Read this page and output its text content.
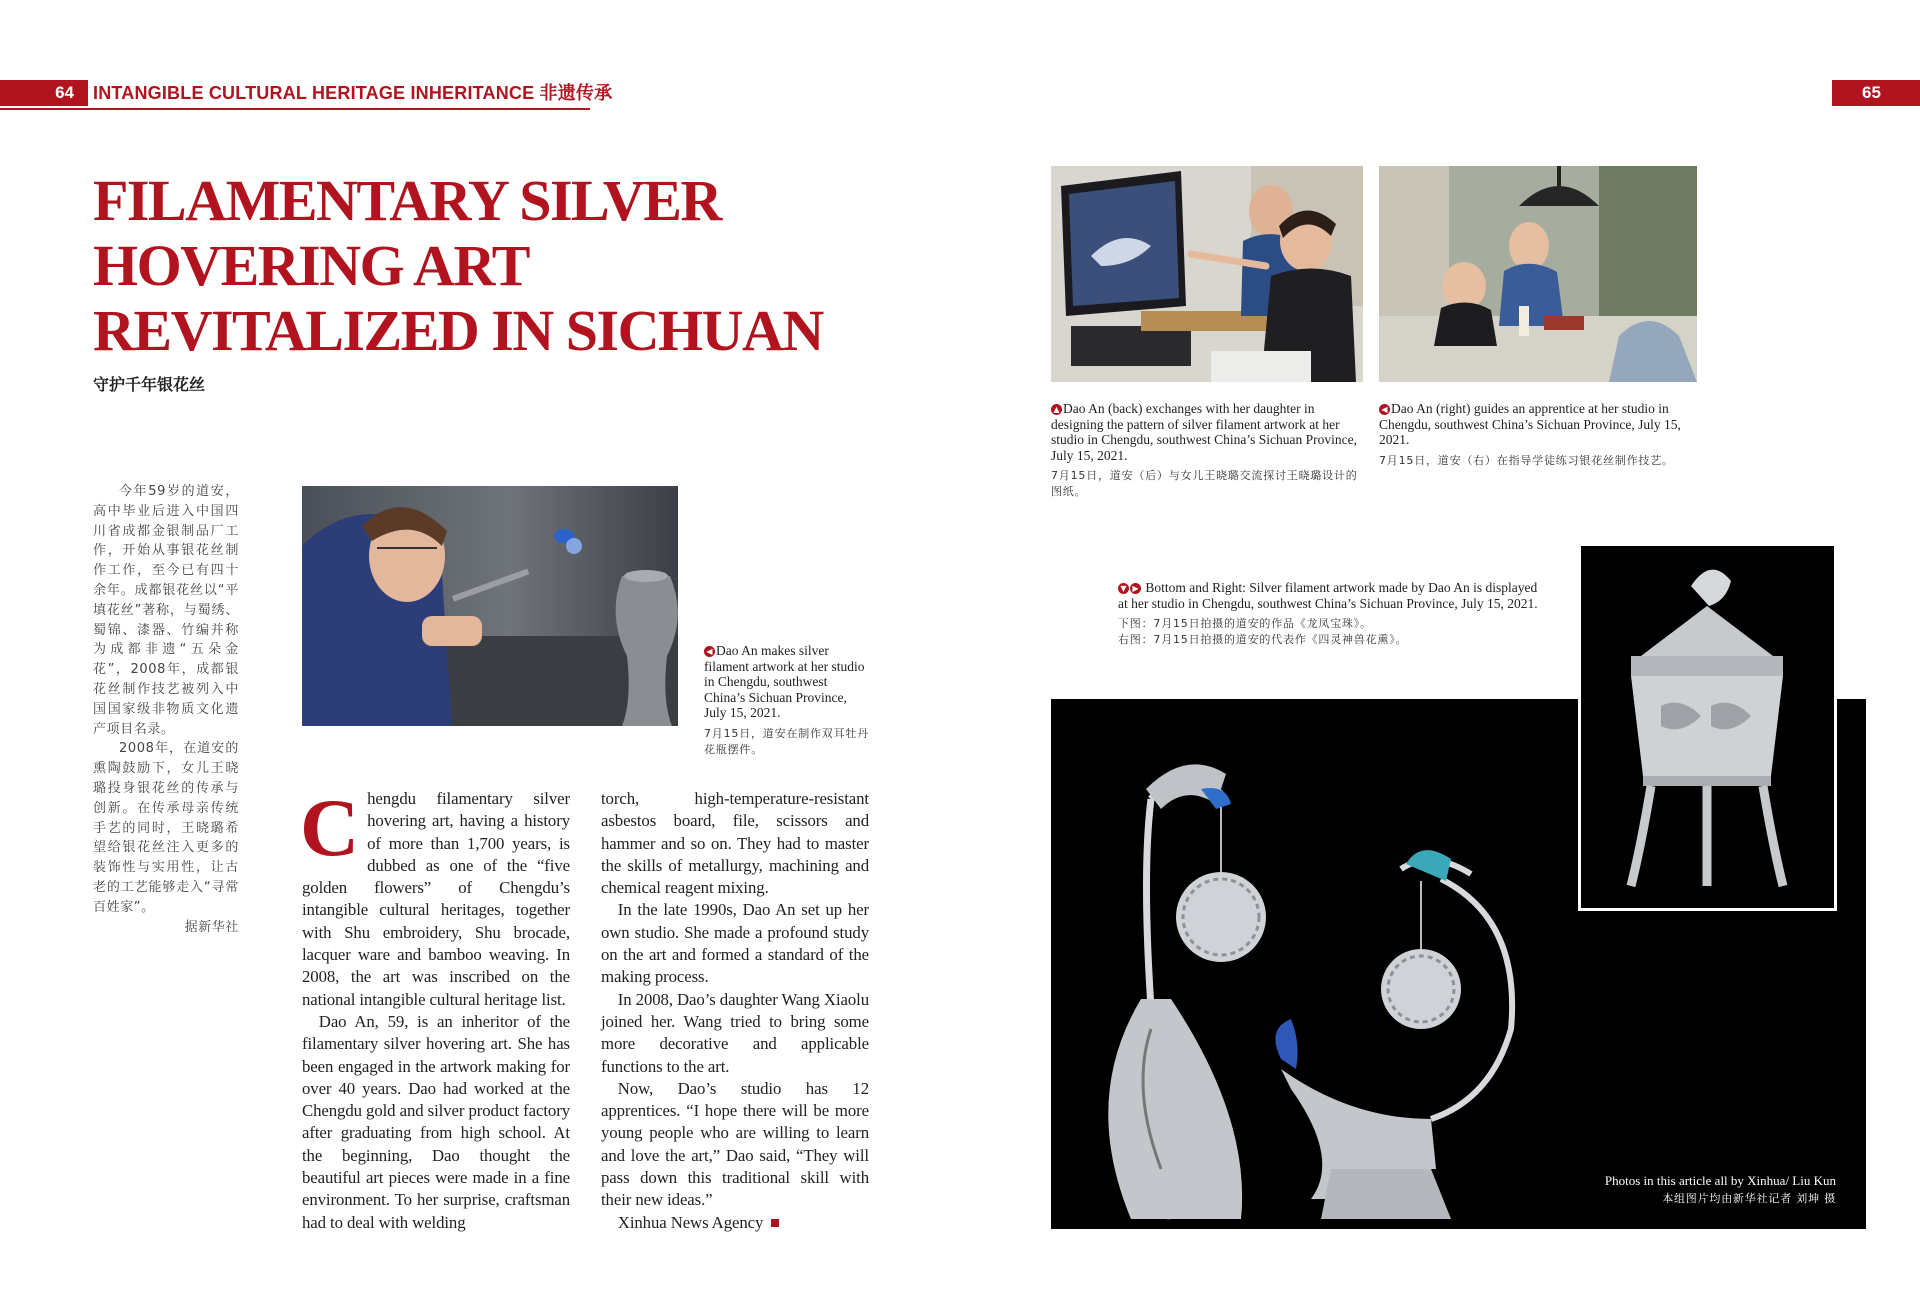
64	INTANGIBLE CULTURAL HERITAGE INHERITANCE 非遗传承	65
FILAMENTARY SILVER
HOVERING ART
REVITALIZED IN SICHUAN
守护千年银花丝

今年59岁的道安，高中毕业后进入中国四川省成都金银制品厂工作，开始从事银花丝制作工作，至今已有四十余年。成都银花丝以“平填花丝”著称，与蜀绣、蜀锦、漆器、竹编并称为成都非遗“五朵金花”，2008年，成都银花丝制作技艺被列入中国国家级非物质文化遗产项目名录。

2008年，在道安的熏陶鼓励下，女儿王晓璐投身银花丝的传承与创新。在传承母亲传统手艺的同时，王晓璐希望给银花丝注入更多的装饰性与实用性，让古老的工艺能够走入“寻常百姓家”。

据新华社

◀ Dao An makes silver filament artwork at her studio in Chengdu, southwest China’s Sichuan Province, July 15, 2021.
7月15日，道安在制作双耳牡丹花瓶摆件。
▲ Dao An (back) exchanges with her daughter in designing the pattern of silver filament artwork at her studio in Chengdu, southwest China’s Sichuan Province, July 15, 2021.
7月15日，道安（后）与女儿王晓璐交流探讨王晓璐设计的图纸。
◀ Dao An (right) guides an apprentice at her studio in Chengdu, southwest China’s Sichuan Province, July 15, 2021.
7月15日，道安（右）在指导学徒练习银花丝制作技艺。
▼ ▶ Bottom and Right: Silver filament artwork made by Dao An is displayed at her studio in Chengdu, southwest China’s Sichuan Province, July 15, 2021.
下图：7月15日拍摄的道安的作品《龙凤宝珠》。
右图：7月15日拍摄的道安的代表作《四灵神兽花熏》。
Photos in this article all by Xinhua/ Liu Kun
本组图片均由新华社记者 刘坤 摄

Chengdu filamentary silver hovering art, having a history of more than 1,700 years, is dubbed as one of the “five golden flowers” of Chengdu’s intangible cultural heritages, together with Shu embroidery, Shu brocade, lacquer ware and bamboo weaving. In 2008, the art was inscribed on the national intangible cultural heritage list.

Dao An, 59, is an inheritor of the filamentary silver hovering art. She has been engaged in the artwork making for over 40 years. Dao had worked at the Chengdu gold and silver product factory after graduating from high school. At the beginning, Dao thought the beautiful art pieces were made in a fine environment. To her surprise, craftsman had to deal with welding

torch, high-temperature-resistant asbestos board, file, scissors and hammer and so on. They had to master the skills of metallurgy, machining and chemical reagent mixing.

In the late 1990s, Dao An set up her own studio. She made a profound study on the art and formed a standard of the making process.

In 2008, Dao’s daughter Wang Xiaolu joined her. Wang tried to bring some more decorative and applicable functions to the art.

Now, Dao’s studio has 12 apprentices. “I hope there will be more young people who are willing to learn and love the art,” Dao said, “They will pass down this traditional skill with their new ideas.”

Xinhua News Agency
